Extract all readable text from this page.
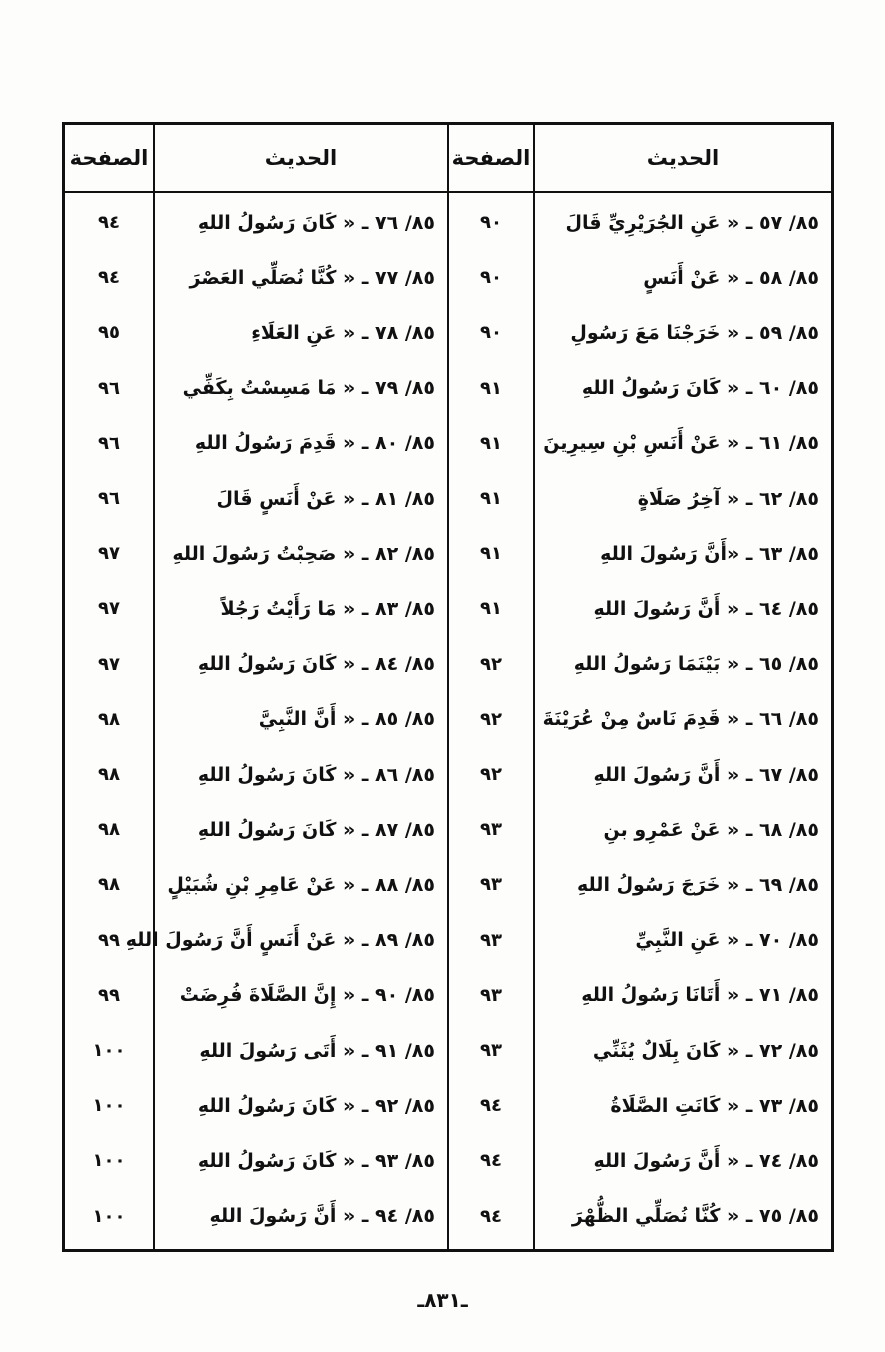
الحديث
الصفحة
الحديث
الصفحة
٨٥/ ٥٧ ـ « عَنِ الجُرَيْرِيِّ قَالَ
٩٠
٨٥/ ٥٨ ـ « عَنْ أَنَسٍ
٩٠
٨٥/ ٥٩ ـ « خَرَجْنَا مَعَ رَسُولِ
٩٠
٨٥/ ٦٠ ـ « كَانَ رَسُولُ اللهِ
٩١
٨٥/ ٦١ ـ « عَنْ أَنَسِ بْنِ سِيرِينَ
٩١
٨٥/ ٦٢ ـ « آخِرُ صَلَاةٍ
٩١
٨٥/ ٦٣ ـ «أَنَّ رَسُولَ اللهِ
٩١
٨٥/ ٦٤ ـ « أَنَّ رَسُولَ اللهِ
٩١
٨٥/ ٦٥ ـ « بَيْنَمَا رَسُولُ اللهِ
٩٢
٨٥/ ٦٦ ـ « قَدِمَ نَاسٌ مِنْ عُرَيْنَةَ
٩٢
٨٥/ ٦٧ ـ « أَنَّ رَسُولَ اللهِ
٩٢
٨٥/ ٦٨ ـ « عَنْ عَمْرِو بنِ
٩٣
٨٥/ ٦٩ ـ « خَرَجَ رَسُولُ اللهِ
٩٣
٨٥/ ٧٠ ـ « عَنِ النَّبِيِّ
٩٣
٨٥/ ٧١ ـ « أَتَانَا رَسُولُ اللهِ
٩٣
٨٥/ ٧٢ ـ « كَانَ بِلَالٌ يُثَنِّي
٩٣
٨٥/ ٧٣ ـ « كَانَتِ الصَّلَاةُ
٩٤
٨٥/ ٧٤ ـ « أَنَّ رَسُولَ اللهِ
٩٤
٨٥/ ٧٥ ـ « كُنَّا نُصَلِّي الظُّهْرَ
٩٤
٨٥/ ٧٦ ـ « كَانَ رَسُولُ اللهِ
٩٤
٨٥/ ٧٧ ـ « كُنَّا نُصَلِّي العَصْرَ
٩٤
٨٥/ ٧٨ ـ « عَنِ العَلَاءِ
٩٥
٨٥/ ٧٩ ـ « مَا مَسِسْتُ بِكَفِّي
٩٦
٨٥/ ٨٠ ـ « قَدِمَ رَسُولُ اللهِ
٩٦
٨٥/ ٨١ ـ « عَنْ أَنَسٍ قَالَ
٩٦
٨٥/ ٨٢ ـ « صَحِبْتُ رَسُولَ اللهِ
٩٧
٨٥/ ٨٣ ـ « مَا رَأَيْتُ رَجُلاً
٩٧
٨٥/ ٨٤ ـ « كَانَ رَسُولُ اللهِ
٩٧
٨٥/ ٨٥ ـ « أَنَّ النَّبِيَّ
٩٨
٨٥/ ٨٦ ـ « كَانَ رَسُولُ اللهِ
٩٨
٨٥/ ٨٧ ـ « كَانَ رَسُولُ اللهِ
٩٨
٨٥/ ٨٨ ـ « عَنْ عَامِرِ بْنِ شُبَيْلٍ
٩٨
٨٥/ ٨٩ ـ « عَنْ أَنَسٍ أَنَّ رَسُولَ اللهِ
٩٩
٨٥/ ٩٠ ـ « إِنَّ الصَّلَاةَ فُرِضَتْ
٩٩
٨٥/ ٩١ ـ « أَتَى رَسُولَ اللهِ
١٠٠
٨٥/ ٩٢ ـ « كَانَ رَسُولُ اللهِ
١٠٠
٨٥/ ٩٣ ـ « كَانَ رَسُولُ اللهِ
١٠٠
٨٥/ ٩٤ ـ « أَنَّ رَسُولَ اللهِ
١٠٠
ـ٨٣١ـ
